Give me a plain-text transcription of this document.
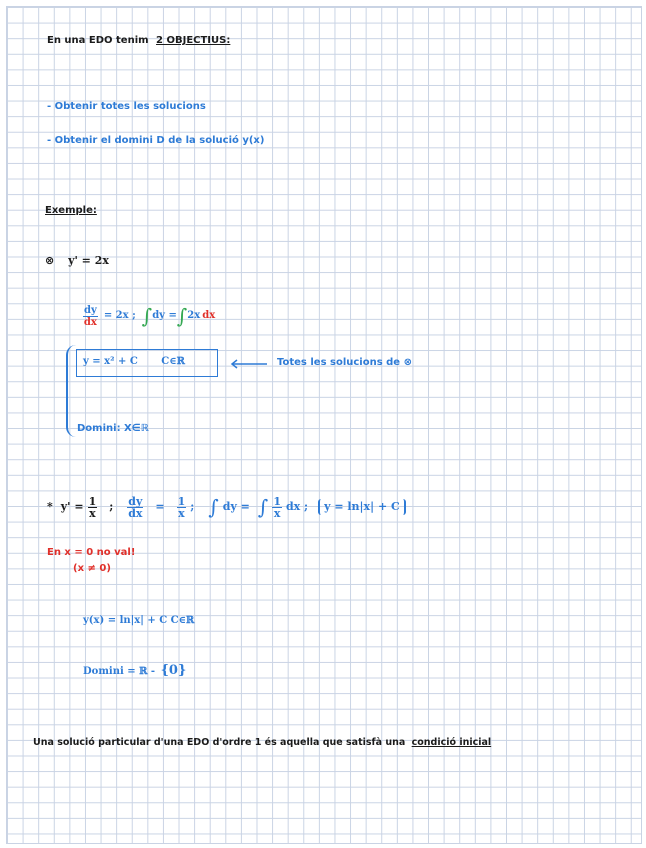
En una EDO tenim 2 OBJECTIUS:
- Obtenir totes les solucions
- Obtenir el domini D de la solució y(x)
Exemple:
⊗ y' = 2x
$\frac{dy}{dx} = 2x$ ; ∫ dy = ∫ 2x dx
y = x² + C C∈ℝ	Totes les solucions de ⊗
Domini: X∈ℝ
* $y' = \frac{1}{x}$ ; $\frac{dy}{dx} = \frac{1}{x}$ ; ∫ dy = ∫ $\frac{1}{x}$ dx ;	y = ln|x| + C
En x = 0 no val!
(x ≠ 0)
y(x) = ln|x| + C C∈ℝ
Domini = ℝ - {0}
Una solució particular d'una EDO d'ordre 1 és aquella que satisfà una condició inicial
